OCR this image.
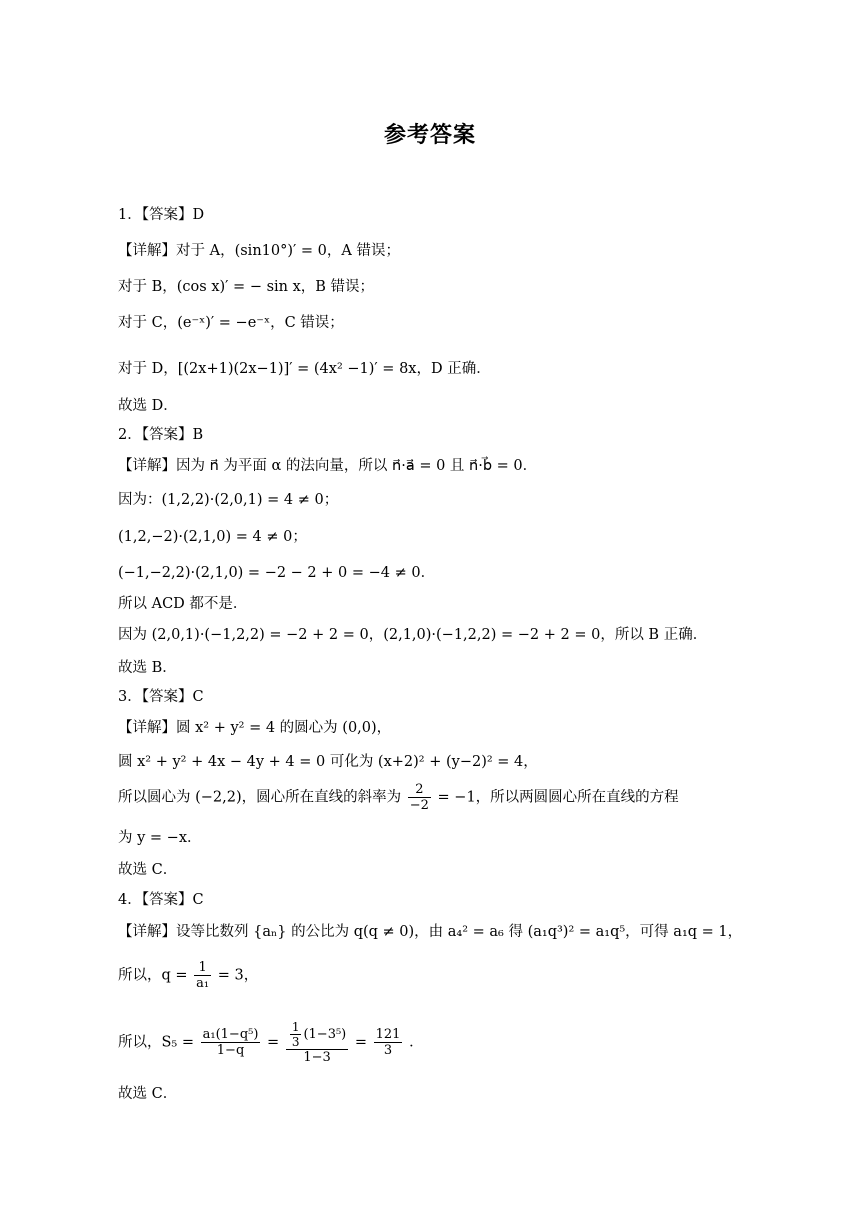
参考答案
1．【答案】D
【详解】对于 A，(sin10°)′ = 0，A 错误；
对于 B，(cos x)′ = − sin x，B 错误；
对于 C，(e⁻ˣ)′ = −e⁻ˣ，C 错误；
对于 D，[(2x+1)(2x−1)]′ = (4x² −1)′ = 8x，D 正确．
故选 D．
2．【答案】B
【详解】因为 n⃗ 为平面 α 的法向量，所以 n⃗·a⃗ = 0 且 n⃗·b⃗ = 0．
因为：(1,2,2)·(2,0,1) = 4 ≠ 0；
(1,2,−2)·(2,1,0) = 4 ≠ 0；
(−1,−2,2)·(2,1,0) = −2 − 2 + 0 = −4 ≠ 0．
所以 ACD 都不是．
因为 (2,0,1)·(−1,2,2) = −2 + 2 = 0，(2,1,0)·(−1,2,2) = −2 + 2 = 0，所以 B 正确．
故选 B．
3．【答案】C
【详解】圆 x² + y² = 4 的圆心为 (0,0)，
圆 x² + y² + 4x − 4y + 4 = 0 可化为 (x+2)² + (y−2)² = 4，
所以圆心为 (−2,2)，圆心所在直线的斜率为 $\frac{2}{-2} = -1$，所以两圆圆心所在直线的方程
为 y = −x．
故选 C．
4．【答案】C
【详解】设等比数列 {aₙ} 的公比为 q(q ≠ 0)，由 a₄² = a₆ 得 (a₁q³)² = a₁q⁵，可得 a₁q = 1，
所以，$q = \frac{1}{\text{a₁}} = 3$，
所以，$S_5 = \frac{\text{a₁(1−q⁵)}}{1-q} = \frac{\frac{1}{3} (1-3^5)}{1-3} = \frac{121}{3}$ ．
故选 C．
